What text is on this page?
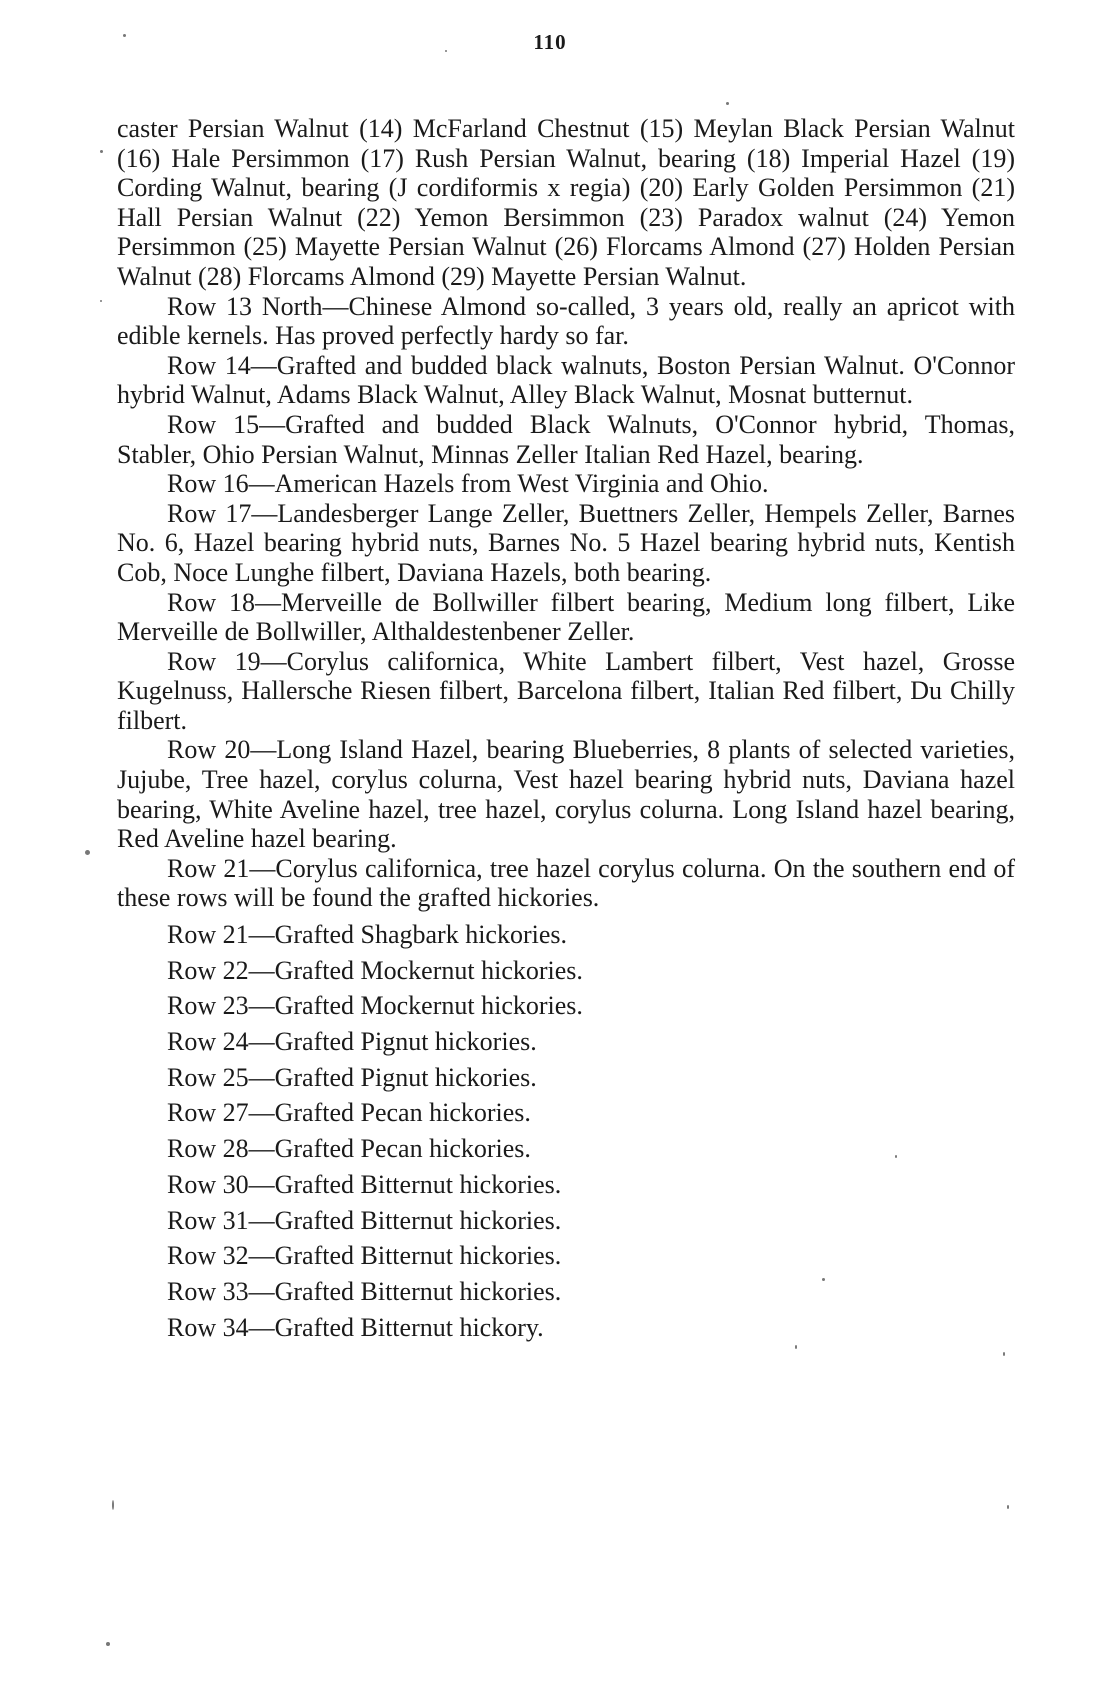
110

caster Persian Walnut (14) McFarland Chestnut (15) Meylan Black Persian Walnut (16) Hale Persimmon (17) Rush Persian Walnut, bearing (18) Imperial Hazel (19) Cording Walnut, bearing (J cordiformis x regia) (20) Early Golden Persimmon (21) Hall Persian Walnut (22) Yemon Bersimmon (23) Paradox walnut (24) Yemon Persimmon (25) Mayette Persian Walnut (26) Florcams Almond (27) Holden Persian Walnut (28) Florcams Almond (29) Mayette Persian Walnut.

Row 13 North—Chinese Almond so-called, 3 years old, really an apricot with edible kernels. Has proved perfectly hardy so far.

Row 14—Grafted and budded black walnuts, Boston Persian Walnut. O'Connor hybrid Walnut, Adams Black Walnut, Alley Black Walnut, Mosnat butternut.

Row 15—Grafted and budded Black Walnuts, O'Connor hybrid, Thomas, Stabler, Ohio Persian Walnut, Minnas Zeller Italian Red Hazel, bearing.

Row 16—American Hazels from West Virginia and Ohio.

Row 17—Landesberger Lange Zeller, Buettners Zeller, Hempels Zeller, Barnes No. 6, Hazel bearing hybrid nuts, Barnes No. 5 Hazel bearing hybrid nuts, Kentish Cob, Noce Lunghe filbert, Daviana Hazels, both bearing.

Row 18—Merveille de Bollwiller filbert bearing, Medium long filbert, Like Merveille de Bollwiller, Althaldestenbener Zeller.

Row 19—Corylus californica, White Lambert filbert, Vest hazel, Grosse Kugelnuss, Hallersche Riesen filbert, Barcelona filbert, Italian Red filbert, Du Chilly filbert.

Row 20—Long Island Hazel, bearing Blueberries, 8 plants of selected varieties, Jujube, Tree hazel, corylus colurna, Vest hazel bearing hybrid nuts, Daviana hazel bearing, White Aveline hazel, tree hazel, corylus colurna. Long Island hazel bearing, Red Aveline hazel bearing.

Row 21—Corylus californica, tree hazel corylus colurna. On the southern end of these rows will be found the grafted hickories.

Row 21—Grafted Shagbark hickories.
Row 22—Grafted Mockernut hickories.
Row 23—Grafted Mockernut hickories.
Row 24—Grafted Pignut hickories.
Row 25—Grafted Pignut hickories.
Row 27—Grafted Pecan hickories.
Row 28—Grafted Pecan hickories.
Row 30—Grafted Bitternut hickories.
Row 31—Grafted Bitternut hickories.
Row 32—Grafted Bitternut hickories.
Row 33—Grafted Bitternut hickories.
Row 34—Grafted Bitternut hickory.
